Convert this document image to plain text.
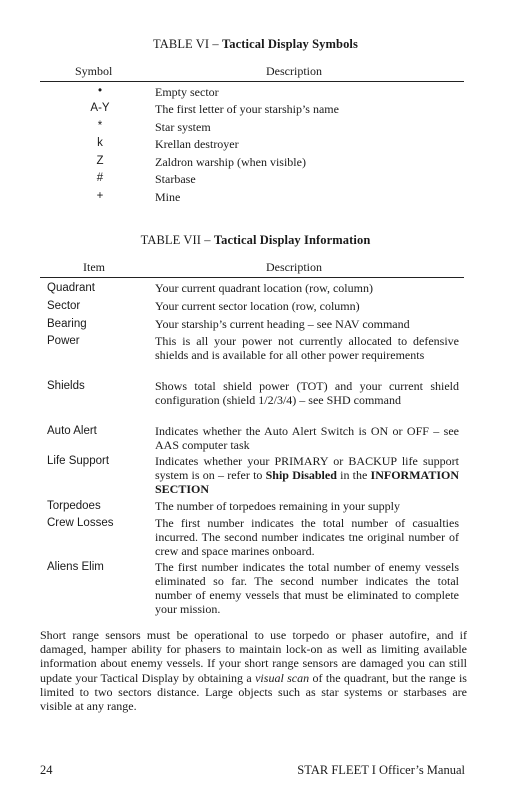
TABLE VI – Tactical Display Symbols
Symbol	Description
•	Empty sector
A-Y	The first letter of your starship’s name
*	Star system
k	Krellan destroyer
Z	Zaldron warship (when visible)
#	Starbase
+	Mine
TABLE VII – Tactical Display Information
Item	Description
Quadrant	Your current quadrant location (row, column)
Sector	Your current sector location (row, column)
Bearing	Your starship’s current heading – see NAV command
Power	This is all your power not currently allocated to defensive shields and is available for all other power requirements
Shields	Shows total shield power (TOT) and your current shield configuration (shield 1/2/3/4) – see SHD command
Auto Alert	Indicates whether the Auto Alert Switch is ON or OFF – see AAS computer task
Life Support	Indicates whether your PRIMARY or BACKUP life support system is on – refer to Ship Disabled in the INFORMATION SECTION
Torpedoes	The number of torpedoes remaining in your supply
Crew Losses	The first number indicates the total number of casualties incurred. The second number indicates tne original number of crew and space marines onboard.
Aliens Elim	The first number indicates the total number of enemy vessels eliminated so far. The second number indicates the total number of enemy vessels that must be eliminated to complete your mission.
Short range sensors must be operational to use torpedo or phaser autofire, and if damaged, hamper ability for phasers to maintain lock-on as well as limiting available information about enemy vessels. If your short range sensors are damaged you can still update your Tactical Display by obtaining a visual scan of the quadrant, but the range is limited to two sectors distance. Large objects such as star systems or starbases are visible at any range.
24	STAR FLEET I Officer’s Manual
